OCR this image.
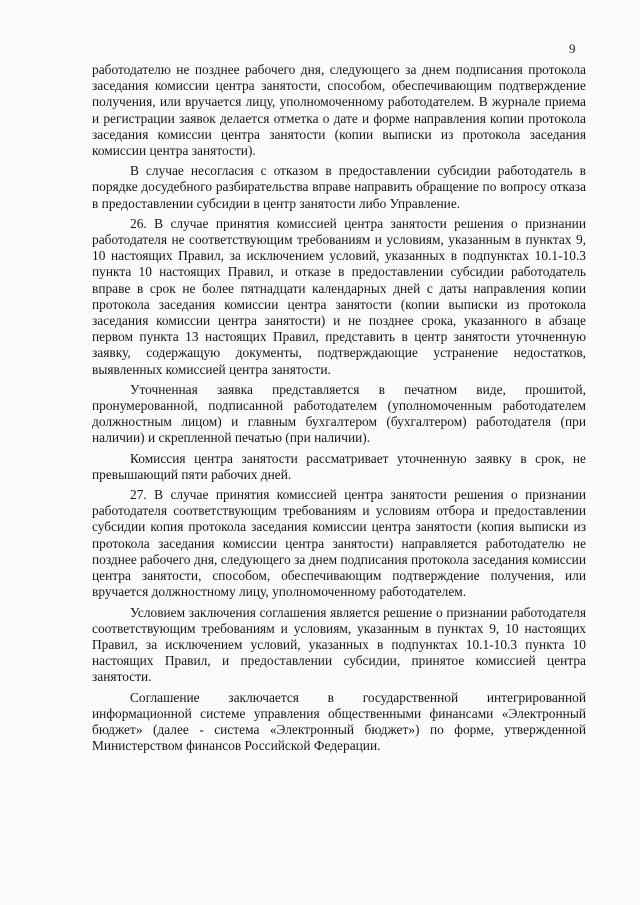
9

работодателю не позднее рабочего дня, следующего за днем подписания протокола заседания комиссии центра занятости, способом, обеспечивающим подтверждение получения, или вручается лицу, уполномоченному работодателем. В журнале приема и регистрации заявок делается отметка о дате и форме направления копии протокола заседания комиссии центра занятости (копии выписки из протокола заседания комиссии центра занятости).

В случае несогласия с отказом в предоставлении субсидии работодатель в порядке досудебного разбирательства вправе направить обращение по вопросу отказа в предоставлении субсидии в центр занятости либо Управление.

26. В случае принятия комиссией центра занятости решения о признании работодателя не соответствующим требованиям и условиям, указанным в пунктах 9, 10 настоящих Правил, за исключением условий, указанных в подпунктах 10.1-10.3 пункта 10 настоящих Правил, и отказе в предоставлении субсидии работодатель вправе в срок не более пятнадцати календарных дней с даты направления копии протокола заседания комиссии центра занятости (копии выписки из протокола заседания комиссии центра занятости) и не позднее срока, указанного в абзаце первом пункта 13 настоящих Правил, представить в центр занятости уточненную заявку, содержащую документы, подтверждающие устранение недостатков, выявленных комиссией центра занятости.

Уточненная заявка представляется в печатном виде, прошитой, пронумерованной, подписанной работодателем (уполномоченным работодателем должностным лицом) и главным бухгалтером (бухгалтером) работодателя (при наличии) и скрепленной печатью (при наличии).

Комиссия центра занятости рассматривает уточненную заявку в срок, не превышающий пяти рабочих дней.

27. В случае принятия комиссией центра занятости решения о признании работодателя соответствующим требованиям и условиям отбора и предоставлении субсидии копия протокола заседания комиссии центра занятости (копия выписки из протокола заседания комиссии центра занятости) направляется работодателю не позднее рабочего дня, следующего за днем подписания протокола заседания комиссии центра занятости, способом, обеспечивающим подтверждение получения, или вручается должностному лицу, уполномоченному работодателем.

Условием заключения соглашения является решение о признании работодателя соответствующим требованиям и условиям, указанным в пунктах 9, 10 настоящих Правил, за исключением условий, указанных в подпунктах 10.1-10.3 пункта 10 настоящих Правил, и предоставлении субсидии, принятое комиссией центра занятости.

Соглашение заключается в государственной интегрированной информационной системе управления общественными финансами «Электронный бюджет» (далее - система «Электронный бюджет») по форме, утвержденной Министерством финансов Российской Федерации.
